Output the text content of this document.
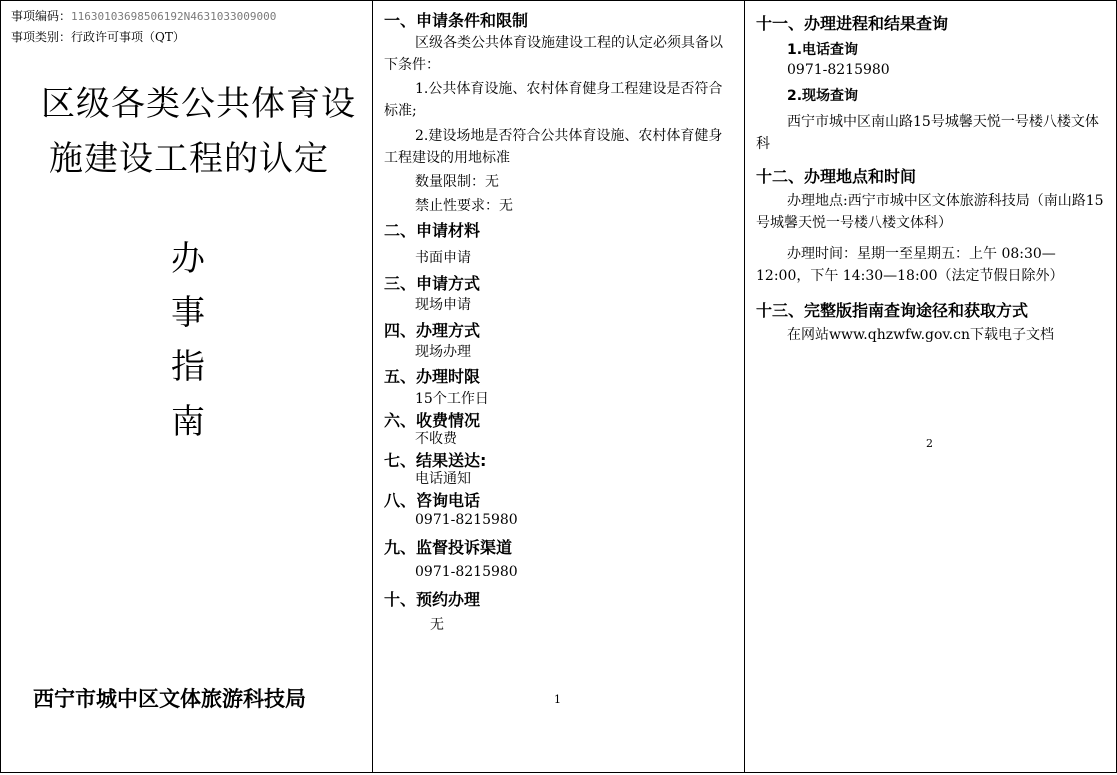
事项编码：11630103698506192N4631033009000
事项类别：行政许可事项（QT）
区级各类公共体育设
施建设工程的认定
办
事
指
南
西宁市城中区文体旅游科技局
一、申请条件和限制
区级各类公共体育设施建设工程的认定必须具备以下条件：
1.公共体育设施、农村体育健身工程建设是否符合标准;
2.建设场地是否符合公共体育设施、农村体育健身工程建设的用地标准
数量限制：无
禁止性要求：无
二、申请材料
书面申请
三、申请方式
现场申请
四、办理方式
现场办理
五、办理时限
15个工作日
六、收费情况
不收费
七、结果送达:
电话通知
八、咨询电话
0971-8215980
九、监督投诉渠道
0971-8215980
十、预约办理
无
1
十一、办理进程和结果查询
1.电话查询
0971-8215980
2.现场查询
西宁市城中区南山路15号城馨天悦一号楼八楼文体科
十二、办理地点和时间
办理地点:西宁市城中区文体旅游科技局（南山路15号城馨天悦一号楼八楼文体科）
办理时间：星期一至星期五：上午 08:30—12:00，下午 14:30—18:00（法定节假日除外）
十三、完整版指南查询途径和获取方式
在网站www.qhzwfw.gov.cn下载电子文档
2
